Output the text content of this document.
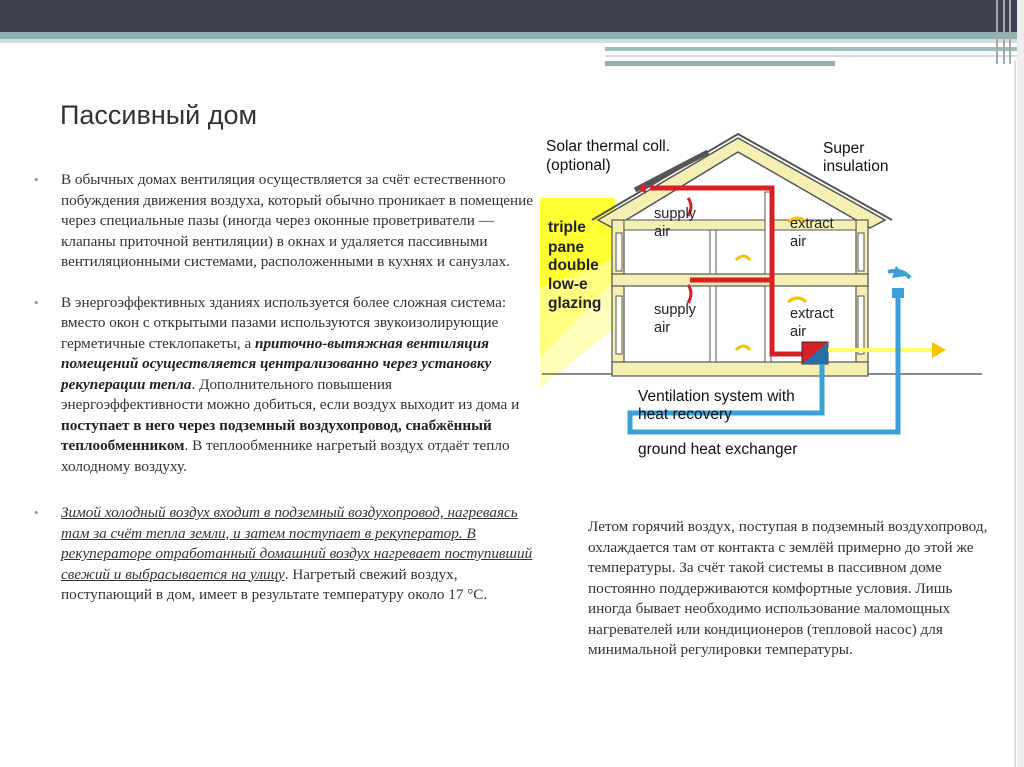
Пассивный дом
• В обычных домах вентиляция осуществляется за счёт естественного побуждения движения воздуха, который обычно проникает в помещение через специальные пазы (иногда через оконные проветриватели — клапаны приточной вентиляции) в окнах и удаляется пассивными вентиляционными системами, расположенными в кухнях и санузлах.
• В энергоэффективных зданиях используется более сложная система: вместо окон с открытыми пазами используются звукоизолирующие герметичные стеклопакеты, а приточно-вытяжная вентиляция помещений осуществляется централизованно через установку рекуперации тепла. Дополнительного повышения энергоэффективности можно добиться, если воздух выходит из дома и поступает в него через подземный воздухопровод, снабжённый теплообменником. В теплообменнике нагретый воздух отдаёт тепло холодному воздуху.
• Зимой холодный воздух входит в подземный воздухопровод, нагреваясь там за счёт тепла земли, и затем поступает в рекуператор. В рекуператоре отработанный домашний воздух нагревает поступивший свежий и выбрасывается на улицу. Нагретый свежий воздух, поступающий в дом, имеет в результате температуру около 17 °С.
Solar thermal coll.
(optional)
Super
insulation
triple
pane
double
low-e
glazing
supply
air	extract
air
supply
air
extract
air
Ventilation system with
heat recovery
ground heat exchanger
Летом горячий воздух, поступая в подземный воздухопровод, охлаждается там от контакта с землёй примерно до этой же температуры. За счёт такой системы в пассивном доме постоянно поддерживаются комфортные условия. Лишь иногда бывает необходимо использование маломощных нагревателей или кондиционеров (тепловой насос) для минимальной регулировки температуры.
